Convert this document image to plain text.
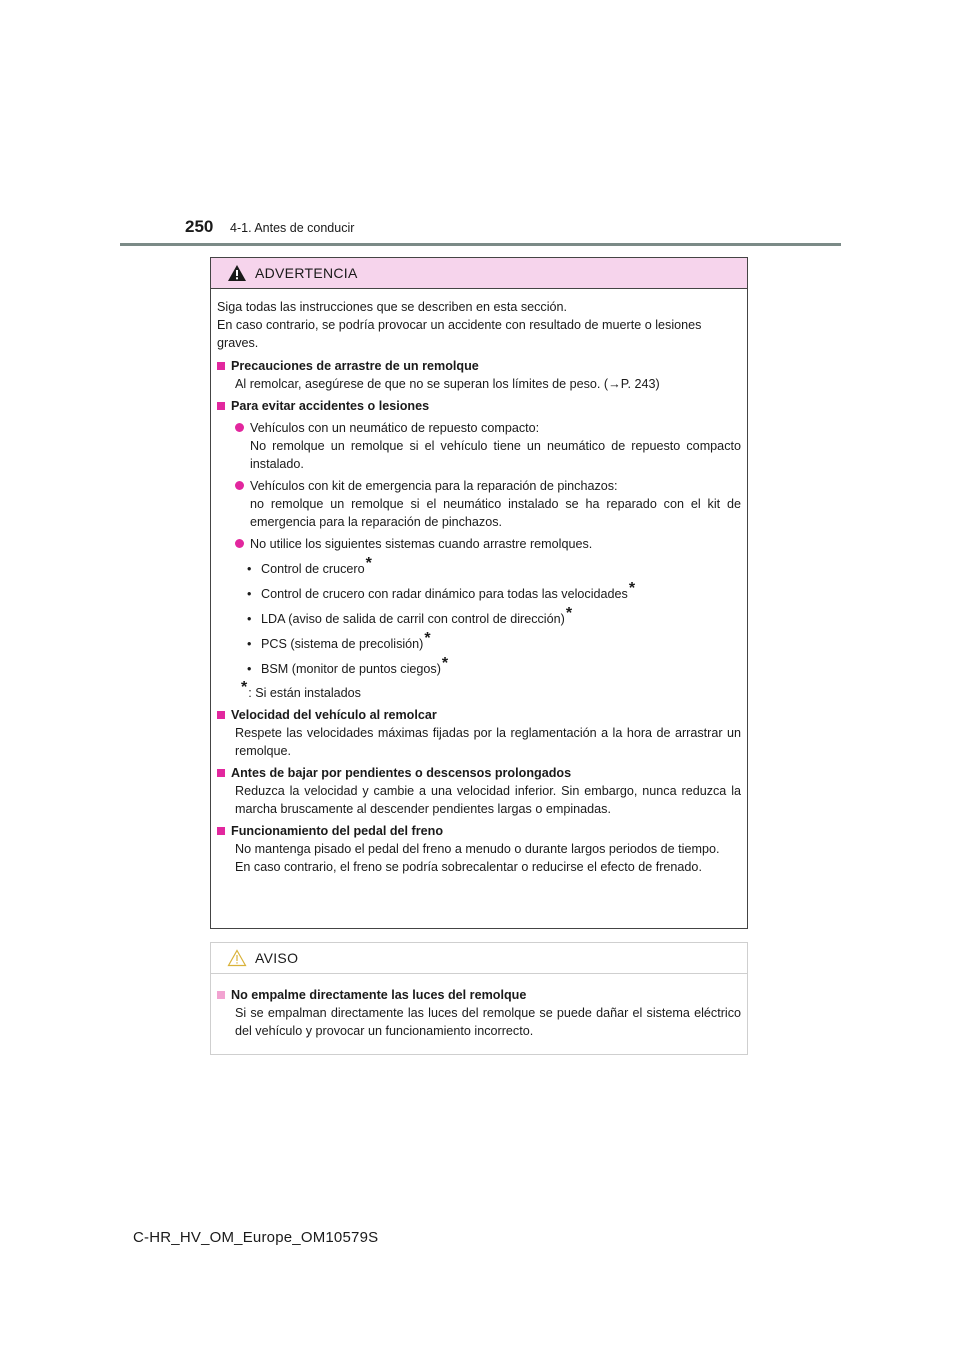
250 4-1. Antes de conducir
ADVERTENCIA

Siga todas las instrucciones que se describen en esta sección.

En caso contrario, se podría provocar un accidente con resultado de muerte o lesiones graves.

Precauciones de arrastre de un remolque

Al remolcar, asegúrese de que no se superan los límites de peso. (→P. 243)

Para evitar accidentes o lesiones

Vehículos con un neumático de repuesto compacto:

No remolque un remolque si el vehículo tiene un neumático de repuesto compacto instalado.

Vehículos con kit de emergencia para la reparación de pinchazos:

no remolque un remolque si el neumático instalado se ha reparado con el kit de emergencia para la reparación de pinchazos.

No utilice los siguientes sistemas cuando arrastre remolques.

• Control de crucero*
• Control de crucero con radar dinámico para todas las velocidades*
• LDA (aviso de salida de carril con control de dirección)*
• PCS (sistema de precolisión)*
• BSM (monitor de puntos ciegos)*
*: Si están instalados
Velocidad del vehículo al remolcar

Respete las velocidades máximas fijadas por la reglamentación a la hora de arrastrar un remolque.

Antes de bajar por pendientes o descensos prolongados

Reduzca la velocidad y cambie a una velocidad inferior. Sin embargo, nunca reduzca la marcha bruscamente al descender pendientes largas o empinadas.

Funcionamiento del pedal del freno

No mantenga pisado el pedal del freno a menudo o durante largos periodos de tiempo.

En caso contrario, el freno se podría sobrecalentar o reducirse el efecto de frenado.

AVISO
No empalme directamente las luces del remolque

Si se empalman directamente las luces del remolque se puede dañar el sistema eléctrico del vehículo y provocar un funcionamiento incorrecto.

C-HR_HV_OM_Europe_OM10579S
